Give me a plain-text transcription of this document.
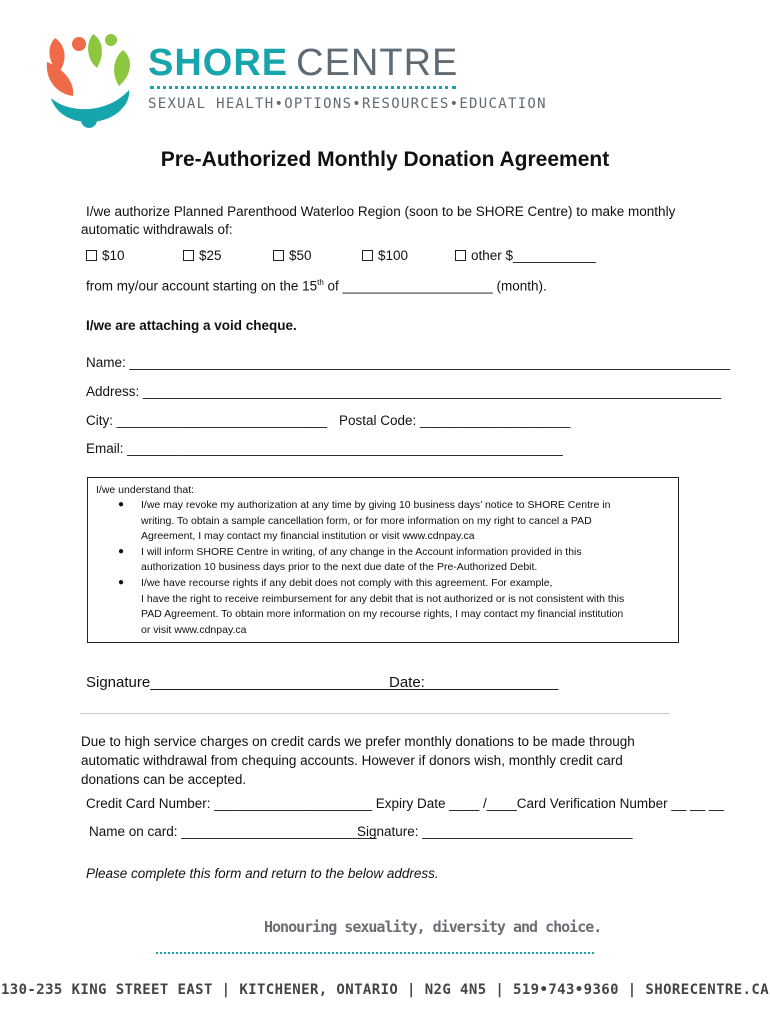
SHORE CENTRE
SEXUAL HEALTH•OPTIONS•RESOURCES•EDUCATION
Pre-Authorized Monthly Donation Agreement
I/we authorize Planned Parenthood Waterloo Region (soon to be SHORE Centre) to make monthly
automatic withdrawals of:
$10	$25	$50	$100	other $___________
from my/our account starting on the 15th of ____________________ (month).
I/we are attaching a void cheque.
Name: ________________________________________________________________________________
Address: _____________________________________________________________________________
City: ____________________________ Postal Code: ____________________
Email: __________________________________________________________
I/we understand that:
● I/we may revoke my authorization at any time by giving 10 business days’ notice to SHORE Centre in
writing. To obtain a sample cancellation form, or for more information on my right to cancel a PAD
Agreement, I may contact my financial institution or visit www.cdnpay.ca
● I will inform SHORE Centre in writing, of any change in the Account information provided in this
authorization 10 business days prior to the next due date of the Pre-Authorized Debit.
● I/we have recourse rights if any debit does not comply with this agreement. For example,
I have the right to receive reimbursement for any debit that is not authorized or is not consistent with this
PAD Agreement. To obtain more information on my recourse rights, I may contact my financial institution
or visit www.cdnpay.ca
Signature_________________________________
Date:________________
Due to high service charges on credit cards we prefer monthly donations to be made through
automatic withdrawal from chequing accounts. However if donors wish, monthly credit card
donations can be accepted.
Credit Card Number: _____________________ Expiry Date ____ /____Card Verification Number __ __ __
Name on card: __________________________
Signature: ____________________________
Please complete this form and return to the below address.
Honouring sexuality, diversity and choice.
130-235 KING STREET EAST | KITCHENER, ONTARIO | N2G 4N5 | 519•743•9360 | SHORECENTRE.CA
